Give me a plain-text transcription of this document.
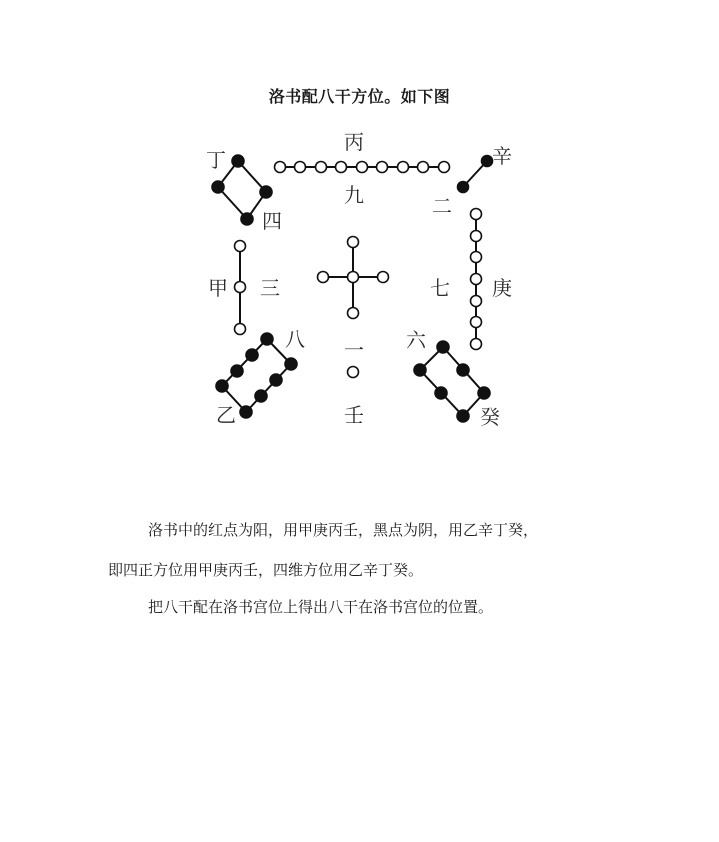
洛书配八干方位。如下图
丁
丙
辛
甲	庚
乙	壬	癸
四
九	二
三	七
八 一 六
洛书中的红点为阳，用甲庚丙壬，黑点为阴，用乙辛丁癸，
即四正方位用甲庚丙壬，四维方位用乙辛丁癸。
把八干配在洛书宫位上得出八干在洛书宫位的位置。
